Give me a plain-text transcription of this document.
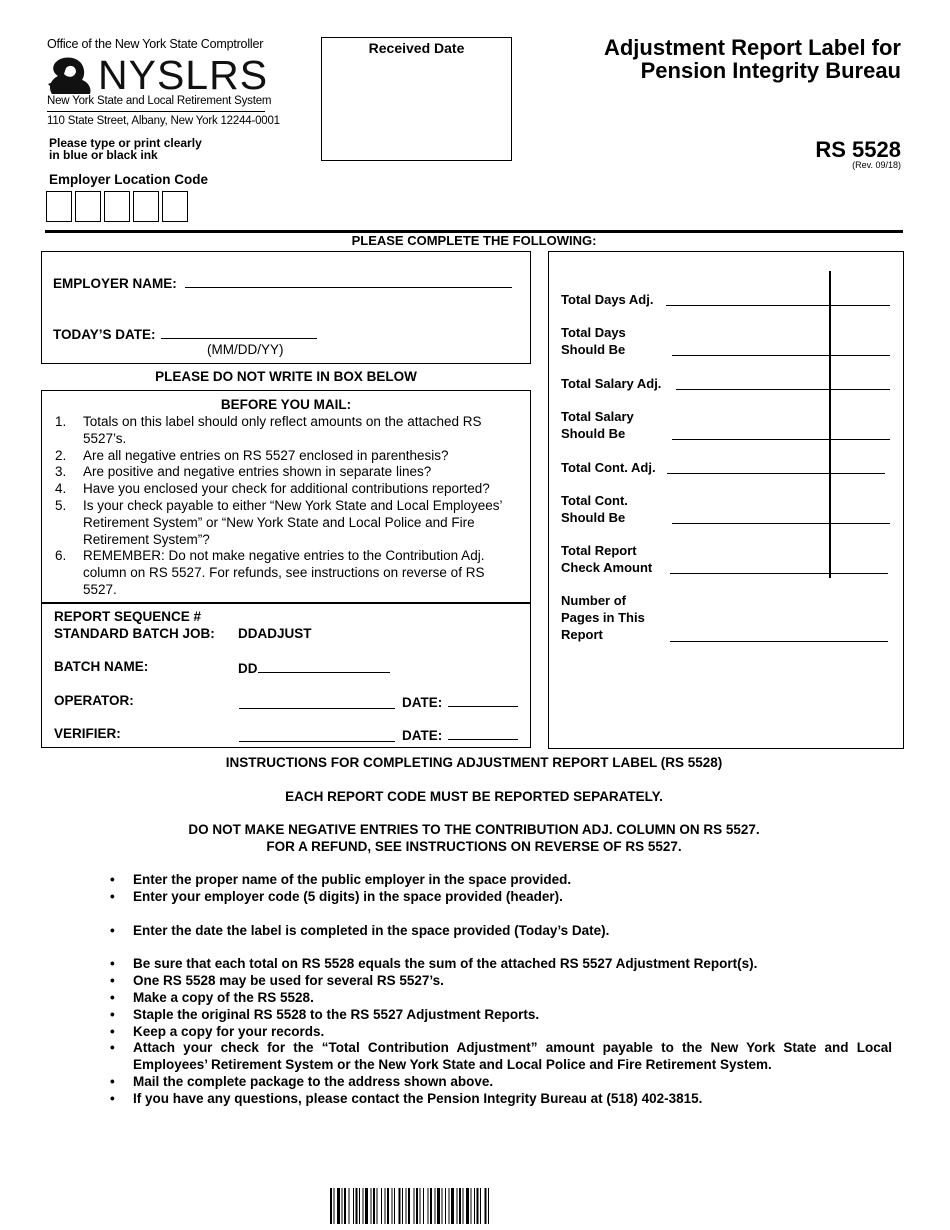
Office of the New York State Comptroller
NYSLRS
New York State and Local Retirement System
110 State Street, Albany, New York 12244-0001
Please type or print clearly
in blue or black ink
Employer Location Code
Received Date	Adjustment Report Label for
Pension Integrity Bureau
RS 5528
(Rev. 09/18)
PLEASE COMPLETE THE FOLLOWING:
EMPLOYER NAME:
TODAY’S DATE:
(MM/DD/YY)
PLEASE DO NOT WRITE IN BOX BELOW
BEFORE YOU MAIL:
1.	Totals on this label should only reflect amounts on the attached RS 5527’s.
2.	Are all negative entries on RS 5527 enclosed in parenthesis?
3.	Are positive and negative entries shown in separate lines?
4.	Have you enclosed your check for additional contributions reported?
5.	Is your check payable to either “New York State and Local Employees’ Retirement System” or “New York State and Local Police and Fire Retirement System”?
6.	REMEMBER: Do not make negative entries to the Contribution Adj. column on RS 5527. For refunds, see instructions on reverse of RS 5527.
REPORT SEQUENCE #
STANDARD BATCH JOB: DDADJUST
BATCH NAME:	DD
OPERATOR:	DATE:
VERIFIER:	DATE:
Total Days Adj.
Total Days
Should Be
Total Salary Adj.
Total Salary
Should Be
Total Cont. Adj.
Total Cont.
Should Be
Total Report
Check Amount
Number of
Pages in This
Report
INSTRUCTIONS FOR COMPLETING ADJUSTMENT REPORT LABEL (RS 5528)
EACH REPORT CODE MUST BE REPORTED SEPARATELY.
DO NOT MAKE NEGATIVE ENTRIES TO THE CONTRIBUTION ADJ. COLUMN ON RS 5527.
FOR A REFUND, SEE INSTRUCTIONS ON REVERSE OF RS 5527.
•	Enter the proper name of the public employer in the space provided.
•	Enter your employer code (5 digits) in the space provided (header).
•	Enter the date the label is completed in the space provided (Today’s Date).
•	Be sure that each total on RS 5528 equals the sum of the attached RS 5527 Adjustment Report(s).
•	One RS 5528 may be used for several RS 5527’s.
•	Make a copy of the RS 5528.
•	Staple the original RS 5528 to the RS 5527 Adjustment Reports.
•	Keep a copy for your records.
•	Attach your check for the “Total Contribution Adjustment” amount payable to the New York State and Local Employees’ Retirement System or the New York State and Local Police and Fire Retirement System.
•	Mail the complete package to the address shown above.
•	If you have any questions, please contact the Pension Integrity Bureau at (518) 402-3815.
